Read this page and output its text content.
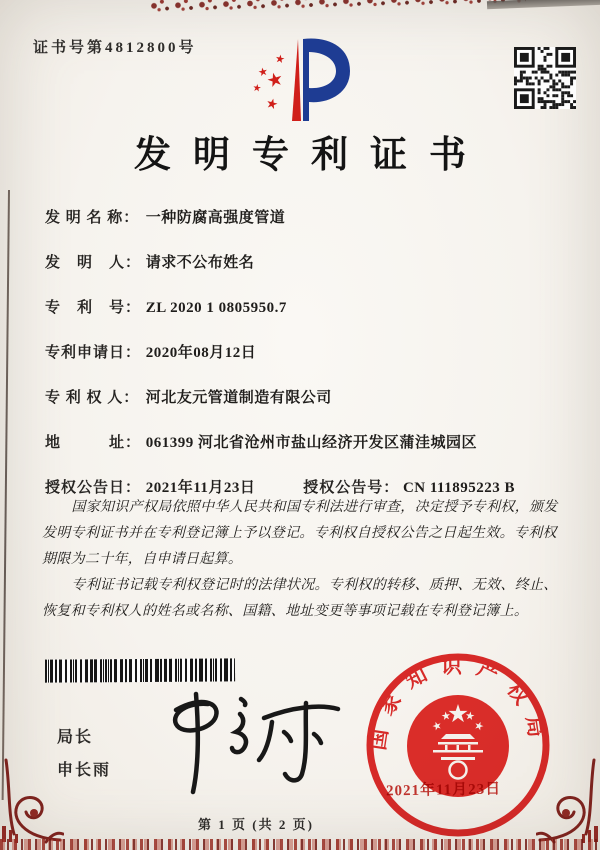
证书号第4812800号
发明专利证书
发 明 名 称： 一种防腐高强度管道
发　明　人： 请求不公布姓名
专　利　号： ZL 2020 1 0805950.7
专利申请日： 2020年08月12日
专 利 权 人： 河北友元管道制造有限公司
地　　　址： 061399 河北省沧州市盐山经济开发区蒲洼城园区
授权公告日： 2021年11月23日	授权公告号： CN 111895223 B

国家知识产权局依照中华人民共和国专利法进行审查，决定授予专利权，颁发发明专利证书并在专利登记簿上予以登记。专利权自授权公告之日起生效。专利权期限为二十年，自申请日起算。

专利证书记载专利权登记时的法律状况。专利权的转移、质押、无效、终止、恢复和专利权人的姓名或名称、国籍、地址变更等事项记载在专利登记簿上。

局长
申长雨
国家知识产权局
2021年11月23日
第 1 页 (共 2 页)
